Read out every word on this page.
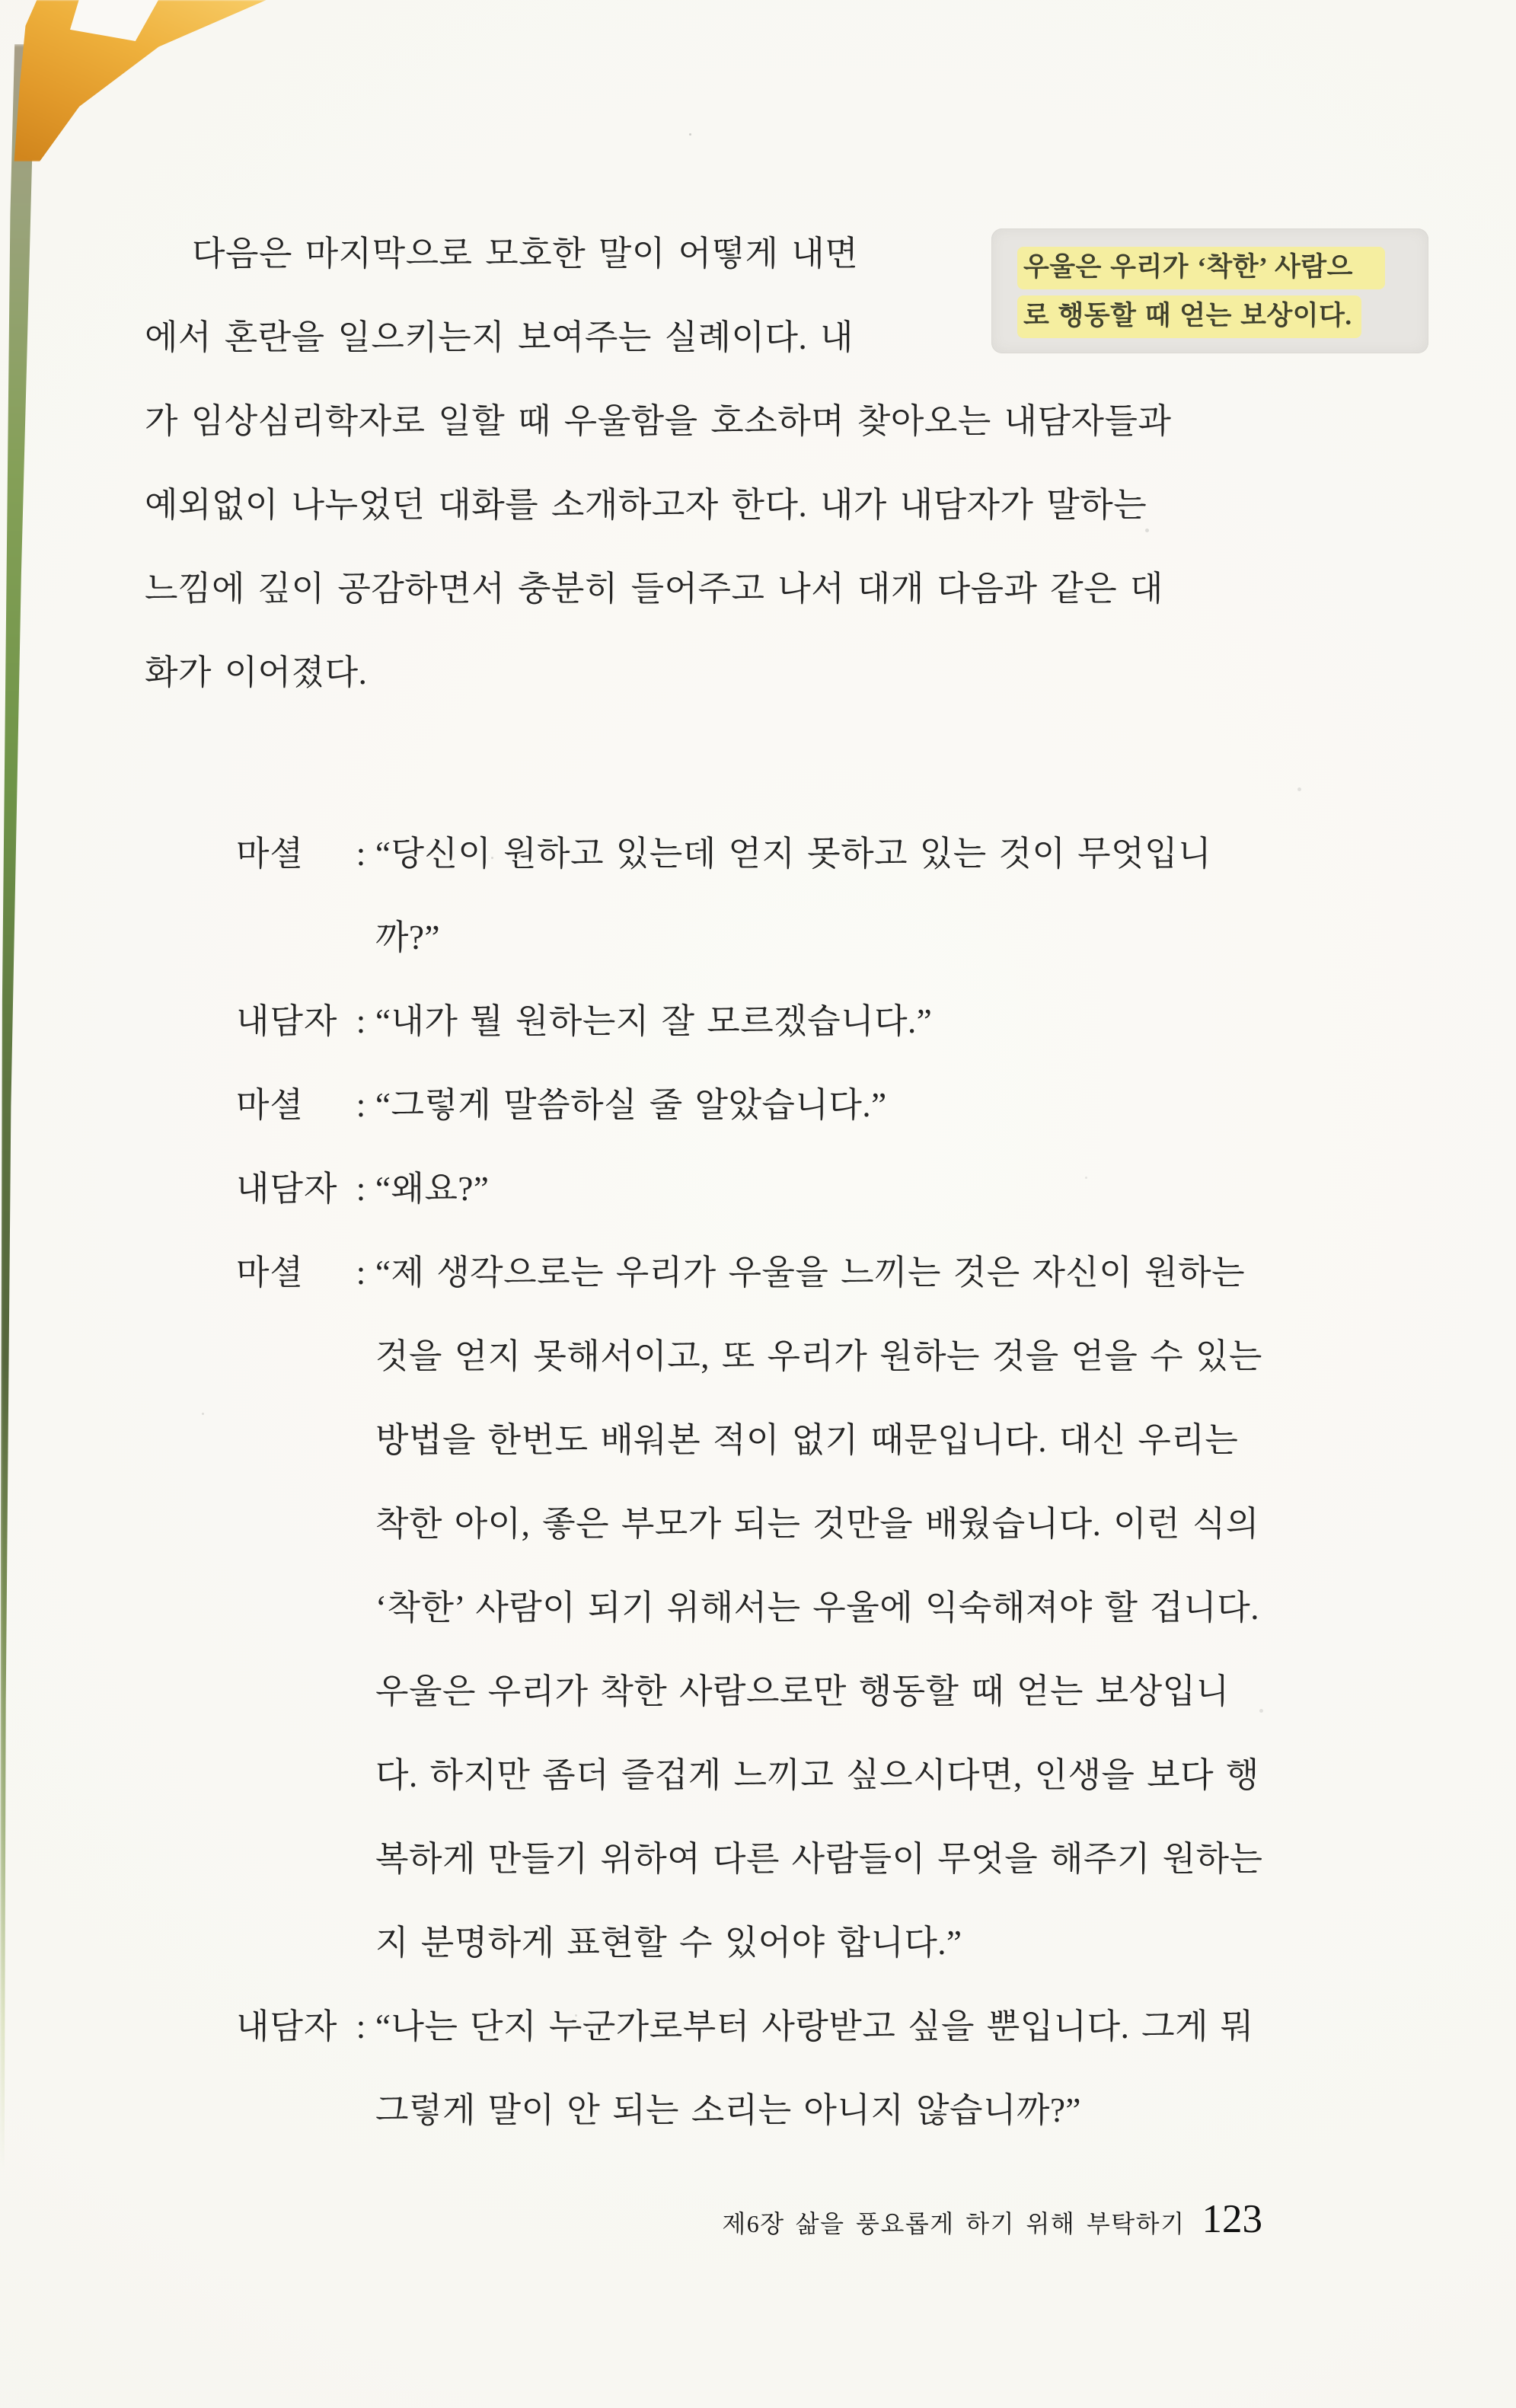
다음은 마지막으로 모호한 말이 어떻게 내면
에서 혼란을 일으키는지 보여주는 실례이다. 내
가 임상심리학자로 일할 때 우울함을 호소하며 찾아오는 내담자들과
예외없이 나누었던 대화를 소개하고자 한다. 내가 내담자가 말하는
느낌에 깊이 공감하면서 충분히 들어주고 나서 대개 다음과 같은 대
화가 이어졌다.
우울은 우리가 ‘착한’ 사람으
로 행동할 때 얻는 보상이다.
마셜	: “당신이 원하고 있는데 얻지 못하고 있는 것이 무엇입니
까?”
내담자 : “내가 뭘 원하는지 잘 모르겠습니다.”
마셜	: “그렇게 말씀하실 줄 알았습니다.”
내담자 : “왜요?”
마셜	: “제 생각으로는 우리가 우울을 느끼는 것은 자신이 원하는
것을 얻지 못해서이고, 또 우리가 원하는 것을 얻을 수 있는
방법을 한번도 배워본 적이 없기 때문입니다. 대신 우리는
착한 아이, 좋은 부모가 되는 것만을 배웠습니다. 이런 식의
‘착한’ 사람이 되기 위해서는 우울에 익숙해져야 할 겁니다.
우울은 우리가 착한 사람으로만 행동할 때 얻는 보상입니
다. 하지만 좀더 즐겁게 느끼고 싶으시다면, 인생을 보다 행
복하게 만들기 위하여 다른 사람들이 무엇을 해주기 원하는
지 분명하게 표현할 수 있어야 합니다.”
내담자 : “나는 단지 누군가로부터 사랑받고 싶을 뿐입니다. 그게 뭐
그렇게 말이 안 되는 소리는 아니지 않습니까?”
제6장 삶을 풍요롭게 하기 위해 부탁하기 123
